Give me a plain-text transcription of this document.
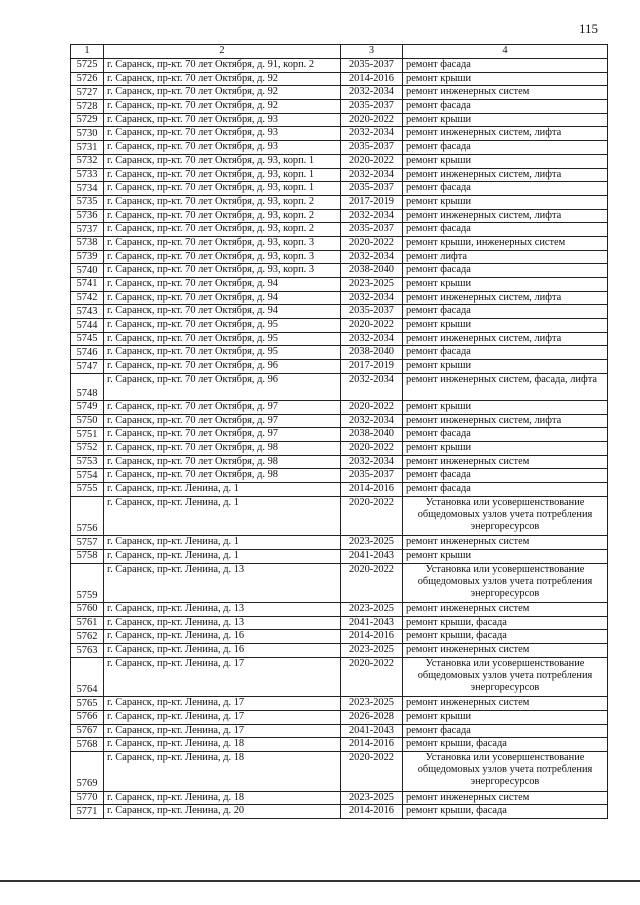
115
1	2	3	4
5725	г. Саранск, пр-кт. 70 лет Октября, д. 91, корп. 2	2035-2037	ремонт фасада
5726	г. Саранск, пр-кт. 70 лет Октября, д. 92	2014-2016	ремонт крыши
5727	г. Саранск, пр-кт. 70 лет Октября, д. 92	2032-2034	ремонт инженерных систем
5728	г. Саранск, пр-кт. 70 лет Октября, д. 92	2035-2037	ремонт фасада
5729	г. Саранск, пр-кт. 70 лет Октября, д. 93	2020-2022	ремонт крыши
5730	г. Саранск, пр-кт. 70 лет Октября, д. 93	2032-2034	ремонт инженерных систем, лифта
5731	г. Саранск, пр-кт. 70 лет Октября, д. 93	2035-2037	ремонт фасада
5732	г. Саранск, пр-кт. 70 лет Октября, д. 93, корп. 1	2020-2022	ремонт крыши
5733	г. Саранск, пр-кт. 70 лет Октября, д. 93, корп. 1	2032-2034	ремонт инженерных систем, лифта
5734	г. Саранск, пр-кт. 70 лет Октября, д. 93, корп. 1	2035-2037	ремонт фасада
5735	г. Саранск, пр-кт. 70 лет Октября, д. 93, корп. 2	2017-2019	ремонт крыши
5736	г. Саранск, пр-кт. 70 лет Октября, д. 93, корп. 2	2032-2034	ремонт инженерных систем, лифта
5737	г. Саранск, пр-кт. 70 лет Октября, д. 93, корп. 2	2035-2037	ремонт фасада
5738	г. Саранск, пр-кт. 70 лет Октября, д. 93, корп. 3	2020-2022	ремонт крыши, инженерных систем
5739	г. Саранск, пр-кт. 70 лет Октября, д. 93, корп. 3	2032-2034	ремонт лифта
5740	г. Саранск, пр-кт. 70 лет Октября, д. 93, корп. 3	2038-2040	ремонт фасада
5741	г. Саранск, пр-кт. 70 лет Октября, д. 94	2023-2025	ремонт крыши
5742	г. Саранск, пр-кт. 70 лет Октября, д. 94	2032-2034	ремонт инженерных систем, лифта
5743	г. Саранск, пр-кт. 70 лет Октября, д. 94	2035-2037	ремонт фасада
5744	г. Саранск, пр-кт. 70 лет Октября, д. 95	2020-2022	ремонт крыши
5745	г. Саранск, пр-кт. 70 лет Октября, д. 95	2032-2034	ремонт инженерных систем, лифта
5746	г. Саранск, пр-кт. 70 лет Октября, д. 95	2038-2040	ремонт фасада
5747	г. Саранск, пр-кт. 70 лет Октября, д. 96	2017-2019	ремонт крыши
5748	г. Саранск, пр-кт. 70 лет Октября, д. 96	2032-2034	ремонт инженерных систем, фасада, лифта
5749	г. Саранск, пр-кт. 70 лет Октября, д. 97	2020-2022	ремонт крыши
5750	г. Саранск, пр-кт. 70 лет Октября, д. 97	2032-2034	ремонт инженерных систем, лифта
5751	г. Саранск, пр-кт. 70 лет Октября, д. 97	2038-2040	ремонт фасада
5752	г. Саранск, пр-кт. 70 лет Октября, д. 98	2020-2022	ремонт крыши
5753	г. Саранск, пр-кт. 70 лет Октября, д. 98	2032-2034	ремонт инженерных систем
5754	г. Саранск, пр-кт. 70 лет Октября, д. 98	2035-2037	ремонт фасада
5755	г. Саранск, пр-кт. Ленина, д. 1	2014-2016	ремонт фасада
5756	г. Саранск, пр-кт. Ленина, д. 1	2020-2022	Установка или усовершенствование общедомовых узлов учета потребления энергоресурсов
5757	г. Саранск, пр-кт. Ленина, д. 1	2023-2025	ремонт инженерных систем
5758	г. Саранск, пр-кт. Ленина, д. 1	2041-2043	ремонт крыши
5759	г. Саранск, пр-кт. Ленина, д. 13	2020-2022	Установка или усовершенствование общедомовых узлов учета потребления энергоресурсов
5760	г. Саранск, пр-кт. Ленина, д. 13	2023-2025	ремонт инженерных систем
5761	г. Саранск, пр-кт. Ленина, д. 13	2041-2043	ремонт крыши, фасада
5762	г. Саранск, пр-кт. Ленина, д. 16	2014-2016	ремонт крыши, фасада
5763	г. Саранск, пр-кт. Ленина, д. 16	2023-2025	ремонт инженерных систем
5764	г. Саранск, пр-кт. Ленина, д. 17	2020-2022	Установка или усовершенствование общедомовых узлов учета потребления энергоресурсов
5765	г. Саранск, пр-кт. Ленина, д. 17	2023-2025	ремонт инженерных систем
5766	г. Саранск, пр-кт. Ленина, д. 17	2026-2028	ремонт крыши
5767	г. Саранск, пр-кт. Ленина, д. 17	2041-2043	ремонт фасада
5768	г. Саранск, пр-кт. Ленина, д. 18	2014-2016	ремонт крыши, фасада
5769	г. Саранск, пр-кт. Ленина, д. 18	2020-2022	Установка или усовершенствование общедомовых узлов учета потребления энергоресурсов
5770	г. Саранск, пр-кт. Ленина, д. 18	2023-2025	ремонт инженерных систем
5771	г. Саранск, пр-кт. Ленина, д. 20	2014-2016	ремонт крыши, фасада
